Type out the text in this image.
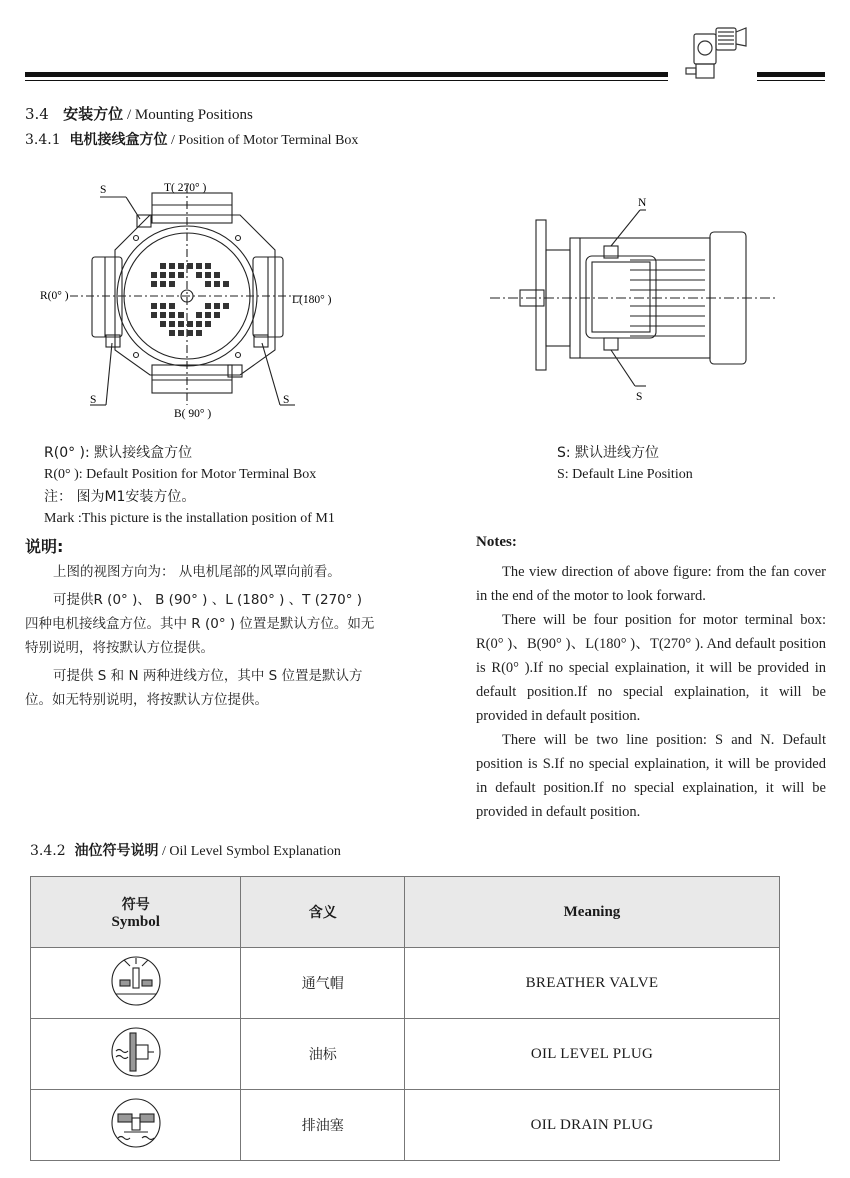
3.4 安装方位 / Mounting Positions
3.4.1 电机接线盒方位 / Position of Motor Terminal Box
T( 270° )
R(0° )	L(180° )
B( 90° )
S
S	S
N
S
R(0° ): 默认接线盒方位
R(0° ): Default Position for Motor Terminal Box
注： 图为M1安装方位。
Mark :This picture is the installation position of M1
S: 默认进线方位
S: Default Line Position
说明:
上图的视图方向为： 从电机尾部的风罩向前看。
可提供R (0° )、 B (90° ) 、L (180° ) 、T (270° ) 四种电机接线盒方位。其中 R (0° ) 位置是默认方位。如无特别说明，将按默认方位提供。
可提供 S 和 N 两种进线方位，其中 S 位置是默认方位。如无特别说明，将按默认方位提供。
Notes:
The view direction of above figure: from the fan cover in the end of the motor to look forward.
There will be four position for motor terminal box: R(0° )、B(90° )、L(180° )、T(270° ). And default position is R(0° ).If no special explaination, it will be provided in default position.If no special explaination, it will be provided in default position.
There will be two line position: S and N. Default position is S.If no special explaination, it will be provided in default position.If no special explaination, it will be provided in default position.
3.4.2 油位符号说明 / Oil Level Symbol Explanation
符号
Symbol	含义	Meaning
	通气帽	BREATHER VALVE
	油标	OIL LEVEL PLUG
	排油塞	OIL DRAIN PLUG
